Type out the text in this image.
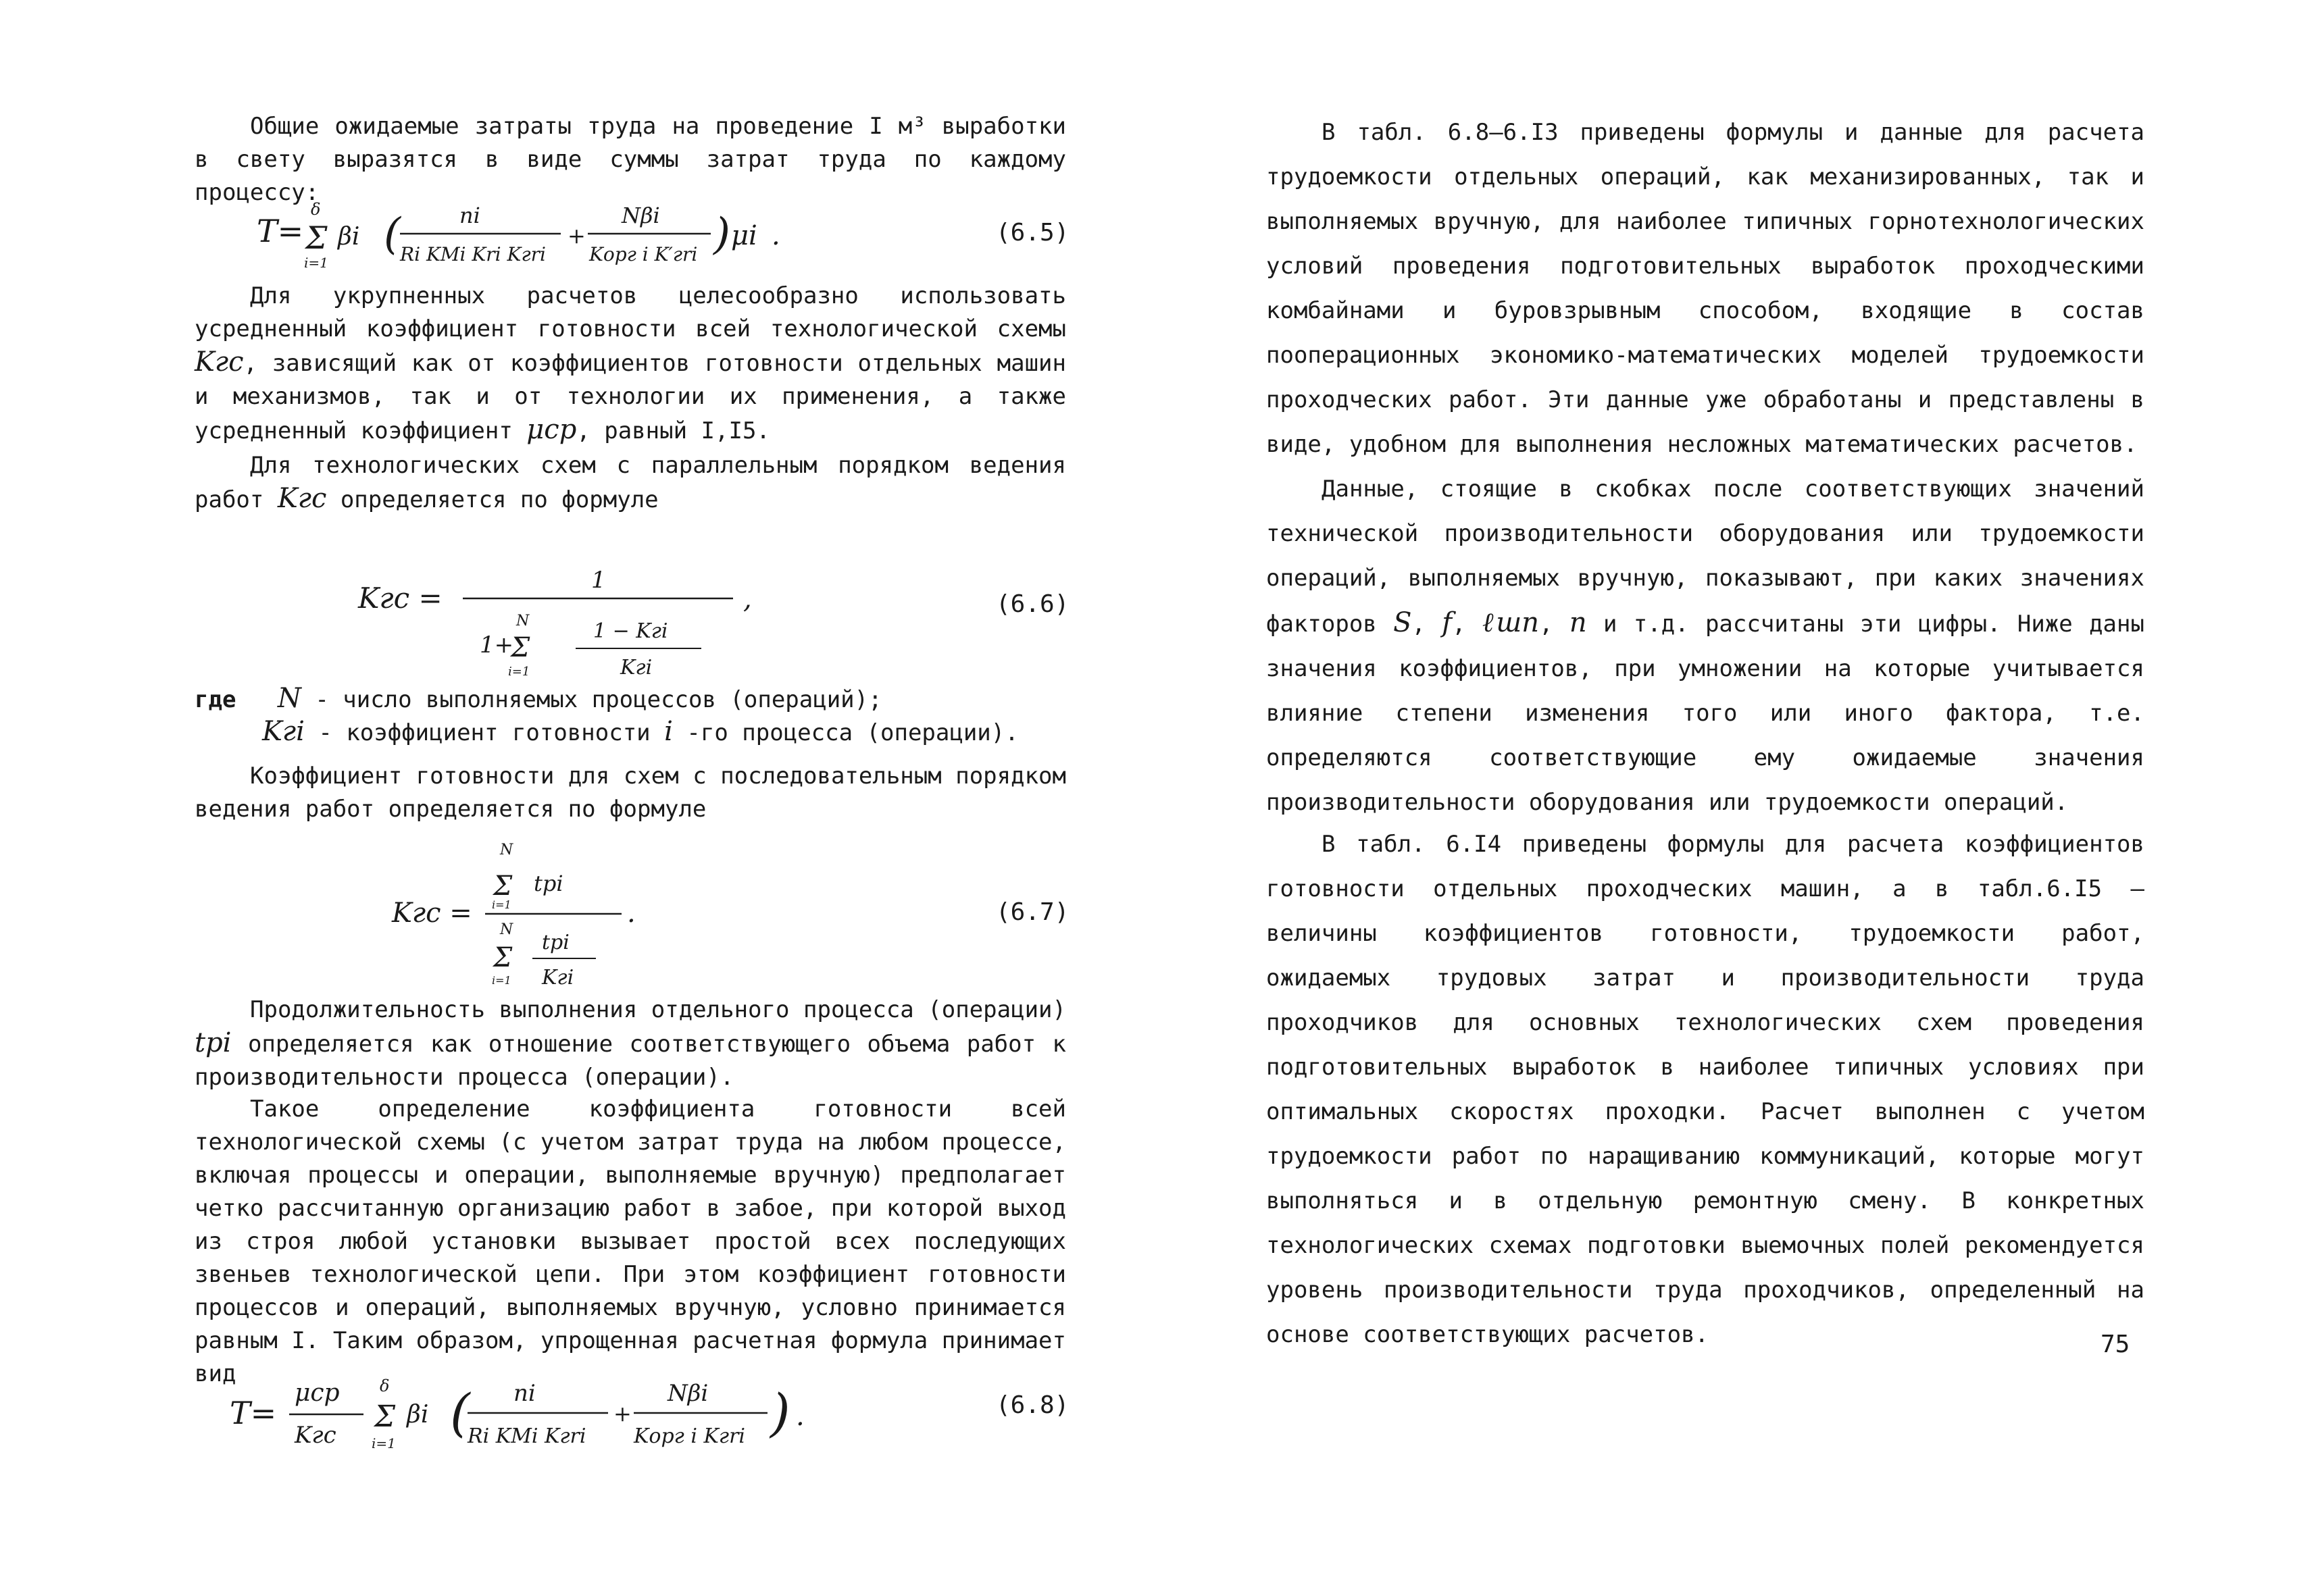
Общие ожидаемые затраты труда на проведение I м³ выработки в свету выразятся в виде суммы затрат труда по каждому процессу:

T= Σ
δ
i=1
βi (	ni
Ri KMi Kri Kгri
+
Nβi
Kорг i K′гri ) μi .	(6.5)

Для укрупненных расчетов целесообразно использовать усредненный коэффициент готовности всей технологической схемы Kгс, зависящий как от коэффициентов готовности отдельных машин и механизмов, так и от технологии их применения, а также усредненный коэффициент μср, равный I,I5.

Для технологических схем с параллельным порядком ведения работ Kгс определяется по формуле

Kгс =
1
1+
Σ
N
i=1
1 − Kгi
Kгi
,	(6.6)
где N - число выполняемых процессов (операций);
Kгi - коэффициент готовности i -го процесса (операции).

Коэффициент готовности для схем с последовательным порядком ведения работ определяется по формуле

Kгс =
Σ
N
i=1
tрi
Σ
N
i=1
tрi
Kгi
.	(6.7)

Продолжительность выполнения отдельного процесса (операции) tрi определяется как отношение соответствующего объема работ к производительности процесса (операции).

Такое определение коэффициента готовности всей технологической схемы (с учетом затрат труда на любом процессе, включая процессы и операции, выполняемые вручную) предполагает четко рассчитанную организацию работ в забое, при которой выход из строя любой установки вызывает простой всех последующих звеньев технологической цепи. При этом коэффициент готовности процессов и операций, выполняемых вручную, условно принимается равным I. Таким образом, упрощенная расчетная формула принимает вид

T=
μср
Kгс
Σ
δ
i=1
βi ( ni
Ri KMi Kгri
+
Nβi
Kорг i Kгri ) .	(6.8)

В табл. 6.8–6.I3 приведены формулы и данные для расчета трудоемкости отдельных операций, как механизированных, так и выполняемых вручную, для наиболее типичных горнотехнологических условий проведения подготовительных выработок проходческими комбайнами и буровзрывным способом, входящие в состав пооперационных экономико-математических моделей трудоемкости проходческих работ. Эти данные уже обработаны и представлены в виде, удобном для выполнения несложных математических расчетов.

Данные, стоящие в скобках после соответствующих значений технической производительности оборудования или трудоемкости операций, выполняемых вручную, показывают, при каких значениях факторов S, f, ℓшп, n и т.д. рассчитаны эти цифры. Ниже даны значения коэффициентов, при умножении на которые учитывается влияние степени изменения того или иного фактора, т.е. определяются соответствующие ему ожидаемые значения производительности оборудования или трудоемкости операций.

В табл. 6.I4 приведены формулы для расчета коэффициентов готовности отдельных проходческих машин, а в табл.6.I5 – величины коэффициентов готовности, трудоемкости работ, ожидаемых трудовых затрат и производительности труда проходчиков для основных технологических схем проведения подготовительных выработок в наиболее типичных условиях при оптимальных скоростях проходки. Расчет выполнен с учетом трудоемкости работ по наращиванию коммуникаций, которые могут выполняться и в отдельную ремонтную смену. В конкретных технологических схемах подготовки выемочных полей рекомендуется уровень производительности труда проходчиков, определенный на основе соответствующих расчетов.	75
